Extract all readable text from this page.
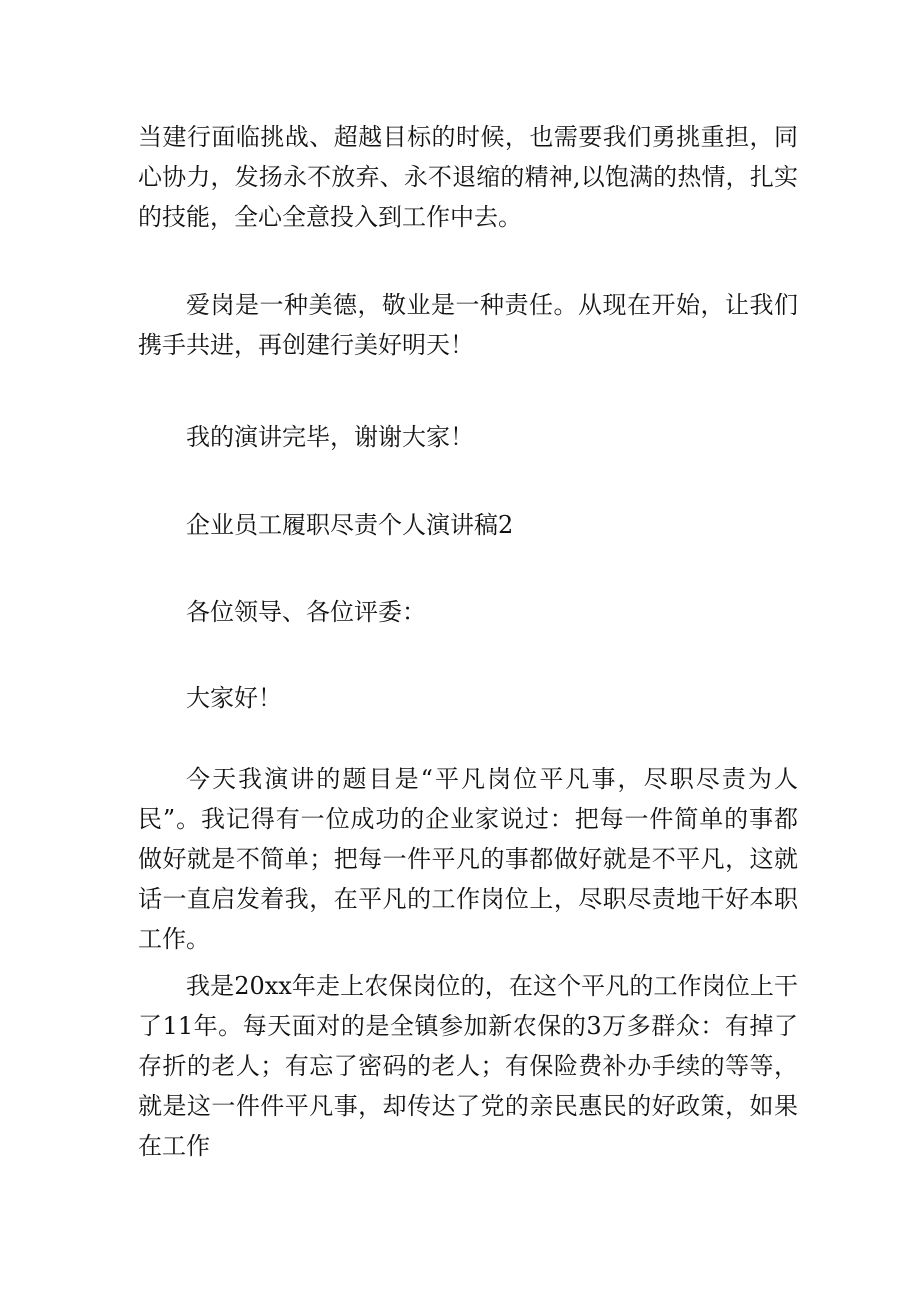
当建行面临挑战、超越目标的时候，也需要我们勇挑重担，同心协力，发扬永不放弃、永不退缩的精神,以饱满的热情，扎实的技能，全心全意投入到工作中去。

爱岗是一种美德，敬业是一种责任。从现在开始，让我们携手共进，再创建行美好明天！

我的演讲完毕，谢谢大家！

企业员工履职尽责个人演讲稿2

各位领导、各位评委：

大家好！

今天我演讲的题目是“平凡岗位平凡事，尽职尽责为人民”。我记得有一位成功的企业家说过：把每一件简单的事都做好就是不简单；把每一件平凡的事都做好就是不平凡，这就话一直启发着我，在平凡的工作岗位上，尽职尽责地干好本职工作。

我是20xx年走上农保岗位的，在这个平凡的工作岗位上干了11年。每天面对的是全镇参加新农保的3万多群众：有掉了存折的老人；有忘了密码的老人；有保险费补办手续的等等，就是这一件件平凡事，却传达了党的亲民惠民的好政策，如果在工作
